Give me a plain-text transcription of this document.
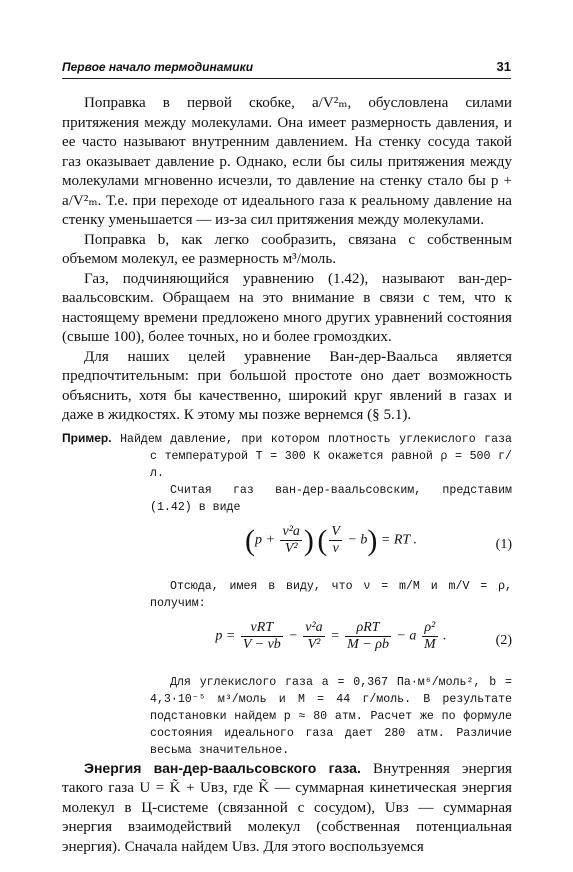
Первое начало термодинамики	31

Поправка в первой скобке, a/V²ₘ, обусловлена силами притяжения между молекулами. Она имеет размерность давления, и ее часто называют внутренним давлением. На стенку сосуда такой газ оказывает давление p. Однако, если бы силы притяжения между молекулами мгновенно исчезли, то давление на стенку стало бы p + a/V²ₘ. Т.е. при переходе от идеального газа к реальному давление на стенку уменьшается — из-за сил притяжения между молекулами.

Поправка b, как легко сообразить, связана с собственным объемом молекул, ее размерность м³/моль.

Газ, подчиняющийся уравнению (1.42), называют ван-дер-ваальсовским. Обращаем на это внимание в связи с тем, что к настоящему времени предложено много других уравнений состояния (свыше 100), более точных, но и более громоздких.

Для наших целей уравнение Ван-дер-Ваальса является предпочтительным: при большой простоте оно дает возможность объяснить, хотя бы качественно, широкий круг явлений в газах и даже в жидкостях. К этому мы позже вернемся (§ 5.1).

Пример. Найдем давление, при котором плотность углекислого газа с температурой T = 300 К окажется равной ρ = 500 г/л.

Считая газ ван-дер-ваальсовским, представим (1.42) в виде

($p + \frac{\text{ν²a}}{\text{V²}}$ ) ( $\frac{V}{\nu} - b$) = RT .	(1)

Отсюда, имея в виду, что ν = m/M и m/V = ρ, получим:

$p = \frac{\text{νRT}}{V - \nu b} - \frac{\text{ν²a}}{\text{V²}} = \frac{\text{ρRT}}{M - \rho b} - a \frac{\text{ρ²}}{M}$ .	(2)

Для углекислого газа a = 0,367 Па·м⁶/моль², b = 4,3·10⁻⁵ м³/моль и M = 44 г/моль. В результате подстановки найдем p ≈ 80 атм. Расчет же по формуле состояния идеального газа дает 280 атм. Различие весьма значительное.

Энергия ван-дер-ваальсовского газа. Внутренняя энергия такого газа U = K̃ + Uвз, где K̃ — суммарная кинетическая энергия молекул в Ц-системе (связанной с сосудом), Uвз — суммарная энергия взаимодействий молекул (собственная потенциальная энергия). Сначала найдем Uвз. Для этого воспользуемся
